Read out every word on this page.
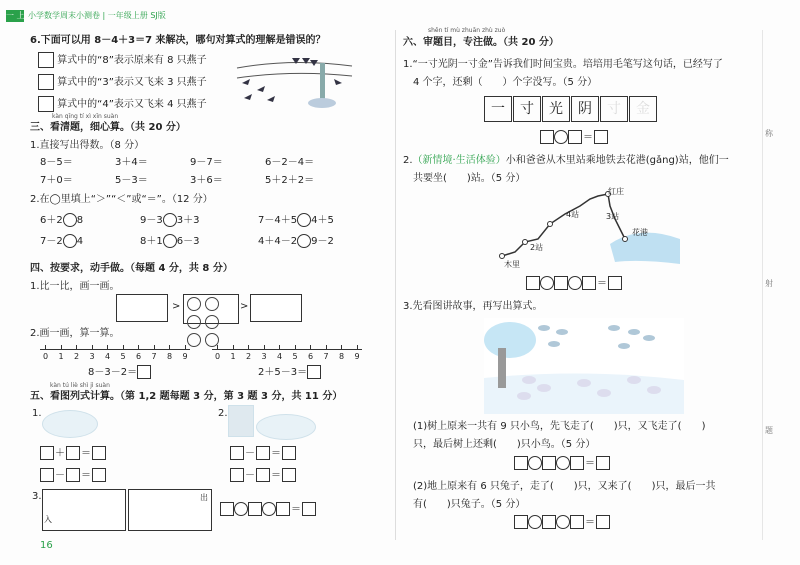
一 上 小学数学周末小测卷 | 一年级上册 SJ版
6.下面可以用 8－4＋3＝7 来解决，哪句对算式的理解是错误的？
算式中的“8”表示原来有 8 只燕子
算式中的“3”表示又飞来 3 只燕子
算式中的“4”表示又飞来 4 只燕子
kàn qīng tí xì xīn suàn
三、看清题，细心算。（共 20 分）
1.直接写出得数。（8 分）
8－5＝	3＋4＝	9－7＝	6－2－4＝
7＋0＝	5－3＝	3＋6＝	5＋2＋2＝
2.在◯里填上“＞”“＜”或“＝”。（12 分）
6＋2 8	9－3 3＋3	7－4＋5 4＋5
7－2 4	8＋1 6－3	4＋4－2 9－2
四、按要求，动手做。（每题 4 分，共 8 分）
1.比一比，画一画。
>	>
2.画一画，算一算。
0 1 2 3 4 5 6 7 8 9	0 1 2 3 4 5 6 7 8 9
8－3－2＝	2＋5－3＝
kàn tú liè shì jì suàn
五、看图列式计算。（第 1,2 题每题 3 分，第 3 题 3 分，共 11 分）
1.	2.
＋ ＝
－ ＝
－ ＝
－ ＝
3.
入
出
＝
16
shěn tí mù zhuān zhù zuò
六、审题目，专注做。（共 20 分）
1.“一寸光阴一寸金”告诉我们时间宝贵。培培用毛笔写这句话，已经写了
4 个字，还剩（　　）个字没写。（5 分）
一 寸 光 阴 寸 金
＝
2.（新情境·生活体验）小和爸爸从木里站乘地铁去花港(gǎng)站，他们一
共要坐(　　)站。（5 分）
木里
2站
4站	3站
红庄
花港
＝
3.先看图讲故事，再写出算式。
(1)树上原来一共有 9 只小鸟，先飞走了(　　)只，又飞走了(　　)
只，最后树上还剩(　　)只小鸟。（5 分）
＝
(2)地上原来有 6 只兔子，走了(　　)只，又来了(　　)只，最后一共
有(　　)只兔子。（5 分）
＝
称
射
题
